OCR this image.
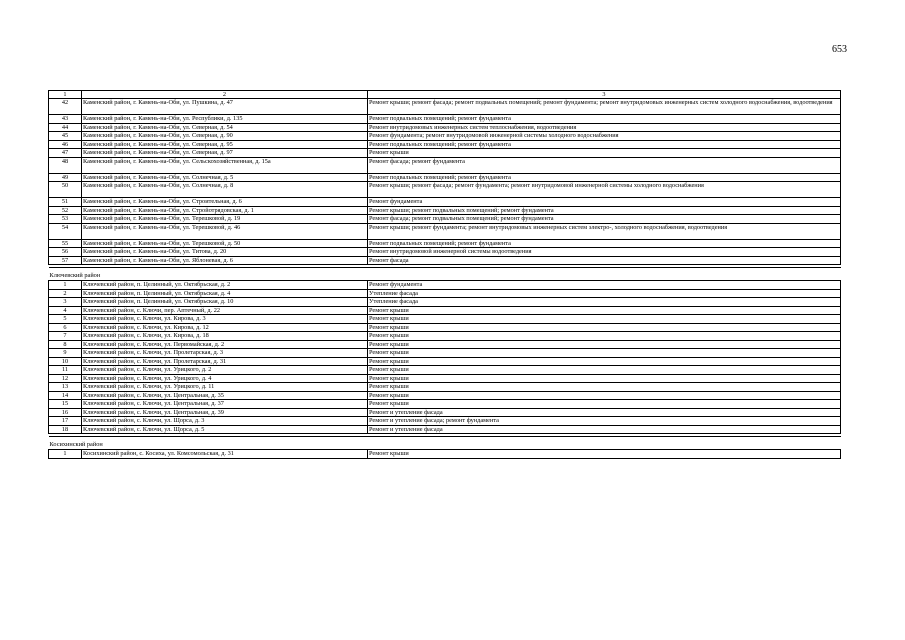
653
1	2	3
42	Каменский район, г. Камень-на-Оби, ул. Пушкина, д. 47	Ремонт крыши; ремонт фасада; ремонт подвальных помещений; ремонт фундамента; ремонт внутридомовых инженерных систем холодного водоснабжения, водоотведения
43	Каменский район, г. Камень-на-Оби, ул. Республики, д. 135	Ремонт подвальных помещений; ремонт фундамента
44	Каменский район, г. Камень-на-Оби, ул. Северная, д. 54	Ремонт внутридомовых инженерных систем теплоснабжения, водоотведения
45	Каменский район, г. Камень-на-Оби, ул. Северная, д. 90	Ремонт фундамента; ремонт внутридомовой инженерной системы холодного водоснабжения
46	Каменский район, г. Камень-на-Оби, ул. Северная, д. 95	Ремонт подвальных помещений; ремонт фундамента
47	Каменский район, г. Камень-на-Оби, ул. Северная, д. 97	Ремонт крыши
48	Каменский район, г. Камень-на-Оби, ул. Сельскохозяйственная, д. 15а	Ремонт фасада; ремонт фундамента
49	Каменский район, г. Камень-на-Оби, ул. Солнечная, д. 5	Ремонт подвальных помещений; ремонт фундамента
50	Каменский район, г. Камень-на-Оби, ул. Солнечная, д. 8	Ремонт крыши; ремонт фасада; ремонт фундамента; ремонт внутридомовой инженерной системы холодного водоснабжения
51	Каменский район, г. Камень-на-Оби, ул. Строительная, д. 6	Ремонт фундамента
52	Каменский район, г. Камень-на-Оби, ул. Стройотрядовская, д. 1	Ремонт крыши; ремонт подвальных помещений; ремонт фундамента
53	Каменский район, г. Камень-на-Оби, ул. Терешковой, д. 19	Ремонт фасада; ремонт подвальных помещений; ремонт фундамента
54	Каменский район, г. Камень-на-Оби, ул. Терешковой, д. 46	Ремонт крыши; ремонт фундамента; ремонт внутридомовых инженерных систем электро-, холодного водоснабжения, водоотведения
55	Каменский район, г. Камень-на-Оби, ул. Терешковой, д. 50	Ремонт подвальных помещений; ремонт фундамента
56	Каменский район, г. Камень-на-Оби, ул. Титова, д. 20	Ремонт внутридомовой инженерной системы водоотведения
57	Каменский район, г. Камень-на-Оби, ул. Яблоневая, д. 6	Ремонт фасада

Ключевский район		
1	Ключевский район, п. Целинный, ул. Октябрьская, д. 2	Ремонт фундамента
2	Ключевский район, п. Целинный, ул. Октябрьская, д. 4	Утепление фасада
3	Ключевский район, п. Целинный, ул. Октябрьская, д. 10	Утепление фасада
4	Ключевский район, с. Ключи, пер. Аптечный, д. 22	Ремонт крыши
5	Ключевский район, с. Ключи, ул. Кирова, д. 3	Ремонт крыши
6	Ключевский район, с. Ключи, ул. Кирова, д. 12	Ремонт крыши
7	Ключевский район, с. Ключи, ул. Кирова, д. 18	Ремонт крыши
8	Ключевский район, с. Ключи, ул. Первомайская, д. 2	Ремонт крыши
9	Ключевский район, с. Ключи, ул. Пролетарская, д. 3	Ремонт крыши
10	Ключевский район, с. Ключи, ул. Пролетарская, д. 31	Ремонт крыши
11	Ключевский район, с. Ключи, ул. Урицкого, д. 2	Ремонт крыши
12	Ключевский район, с. Ключи, ул. Урицкого, д. 4	Ремонт крыши
13	Ключевский район, с. Ключи, ул. Урицкого, д. 11	Ремонт крыши
14	Ключевский район, с. Ключи, ул. Центральная, д. 35	Ремонт крыши
15	Ключевский район, с. Ключи, ул. Центральная, д. 37	Ремонт крыши
16	Ключевский район, с. Ключи, ул. Центральная, д. 39	Ремонт и утепление фасада
17	Ключевский район, с. Ключи, ул. Щорса, д. 3	Ремонт и утепление фасада; ремонт фундамента
18	Ключевский район, с. Ключи, ул. Щорса, д. 5	Ремонт и утепление фасада

Косихинский район		
1	Косихинский район, с. Косиха, ул. Комсомольская, д. 31	Ремонт крыши
